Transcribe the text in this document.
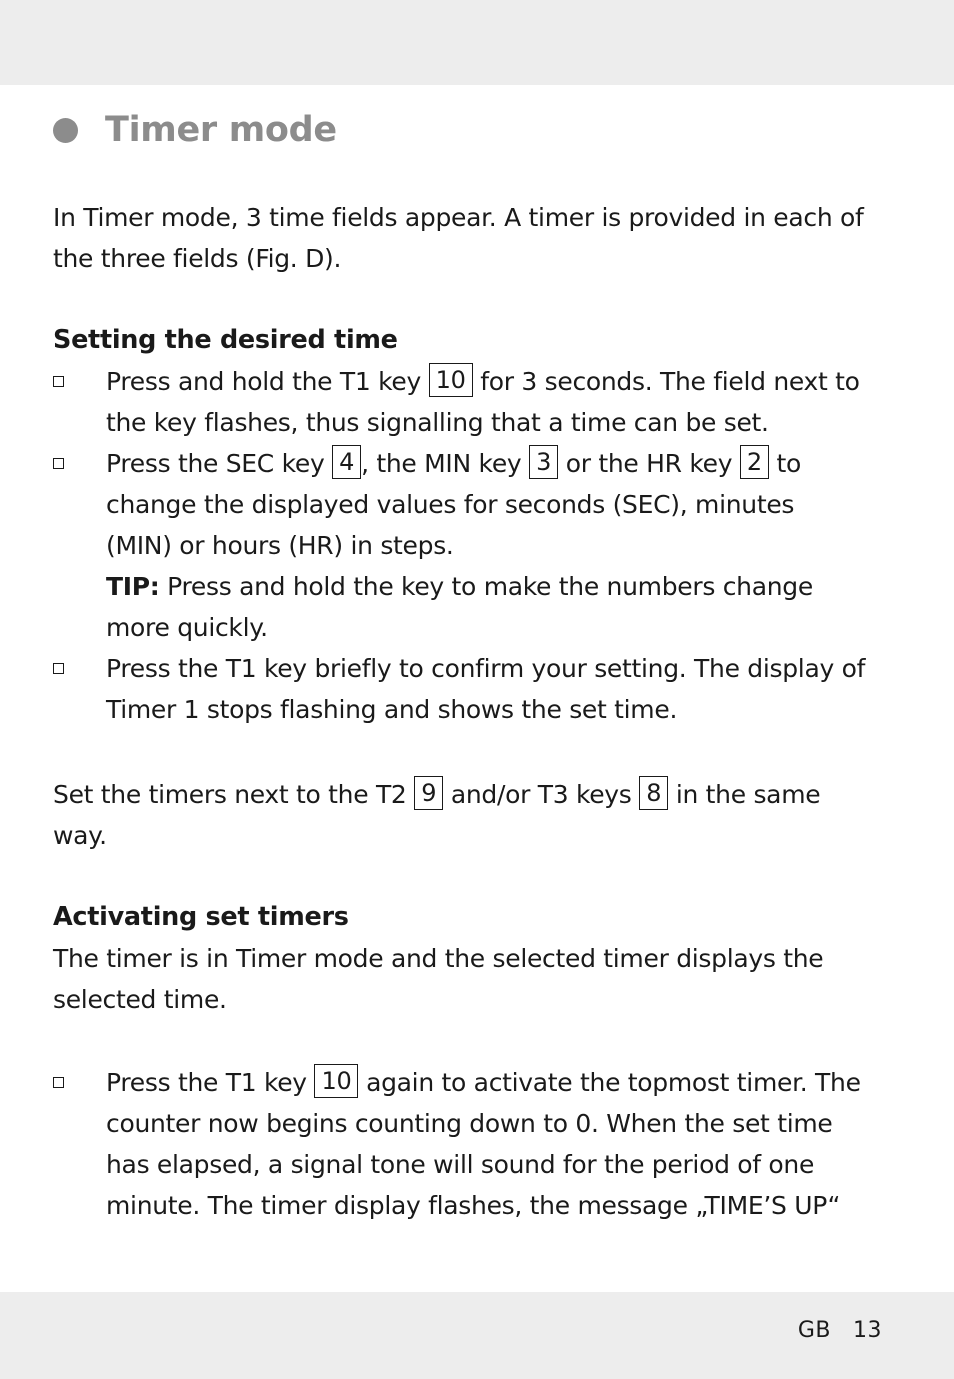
Timer mode

In Timer mode, 3 time fields appear. A timer is provided in each of

the three fields (Fig. D).

Setting the desired time

Press and hold the T1 key 10 for 3 seconds. The field next to

the key flashes, thus signalling that a time can be set.

Press the SEC key 4 , the MIN key 3 or the HR key 2 to

change the displayed values for seconds (SEC), minutes

(MIN) or hours (HR) in steps.

TIP: Press and hold the key to make the numbers change

more quickly.

Press the T1 key briefly to confirm your setting. The display of

Timer 1 stops flashing and shows the set time.

Set the timers next to the T2 9 and/or T3 keys 8 in the same

way.

Activating set timers

The timer is in Timer mode and the selected timer displays the

selected time.

Press the T1 key 10 again to activate the topmost timer. The

counter now begins counting down to 0. When the set time

has elapsed, a signal tone will sound for the period of one

minute. The timer display flashes, the message „TIME’S UP“

GB 13
